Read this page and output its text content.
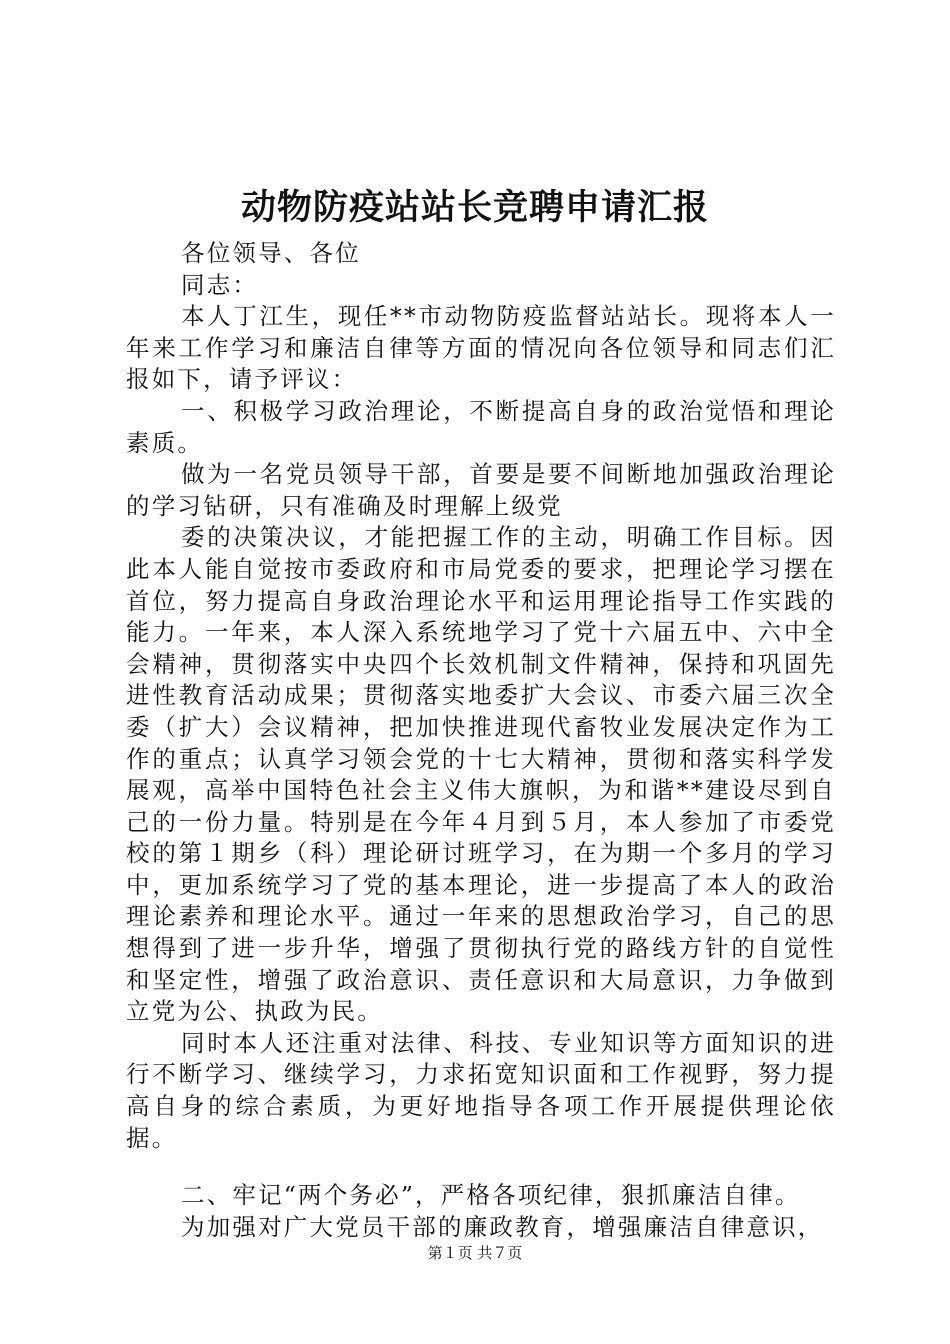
动物防疫站站长竞聘申请汇报

各位领导、各位

同志：

本人丁江生，现任**市动物防疫监督站站长。现将本人一年来工作学习和廉洁自律等方面的情况向各位领导和同志们汇报如下，请予评议：

一、积极学习政治理论，不断提高自身的政治觉悟和理论素质。

做为一名党员领导干部，首要是要不间断地加强政治理论的学习钻研，只有准确及时理解上级党

委的决策决议，才能把握工作的主动，明确工作目标。因此本人能自觉按市委政府和市局党委的要求，把理论学习摆在首位，努力提高自身政治理论水平和运用理论指导工作实践的能力。一年来，本人深入系统地学习了党十六届五中、六中全会精神，贯彻落实中央四个长效机制文件精神，保持和巩固先进性教育活动成果；贯彻落实地委扩大会议、市委六届三次全委（扩大）会议精神，把加快推进现代畜牧业发展决定作为工作的重点；认真学习领会党的十七大精神，贯彻和落实科学发展观，高举中国特色社会主义伟大旗帜，为和谐**建设尽到自己的一份力量。特别是在今年４月到５月，本人参加了市委党校的第１期乡（科）理论研讨班学习，在为期一个多月的学习中，更加系统学习了党的基本理论，进一步提高了本人的政治理论素养和理论水平。通过一年来的思想政治学习，自己的思想得到了进一步升华，增强了贯彻执行党的路线方针的自觉性和坚定性，增强了政治意识、责任意识和大局意识，力争做到立党为公、执政为民。

同时本人还注重对法律、科技、专业知识等方面知识的进行不断学习、继续学习，力求拓宽知识面和工作视野，努力提高自身的综合素质，为更好地指导各项工作开展提供理论依据。

二、牢记“两个务必”，严格各项纪律，狠抓廉洁自律。

为加强对广大党员干部的廉政教育，增强廉洁自律意识，

第１页 共７页
